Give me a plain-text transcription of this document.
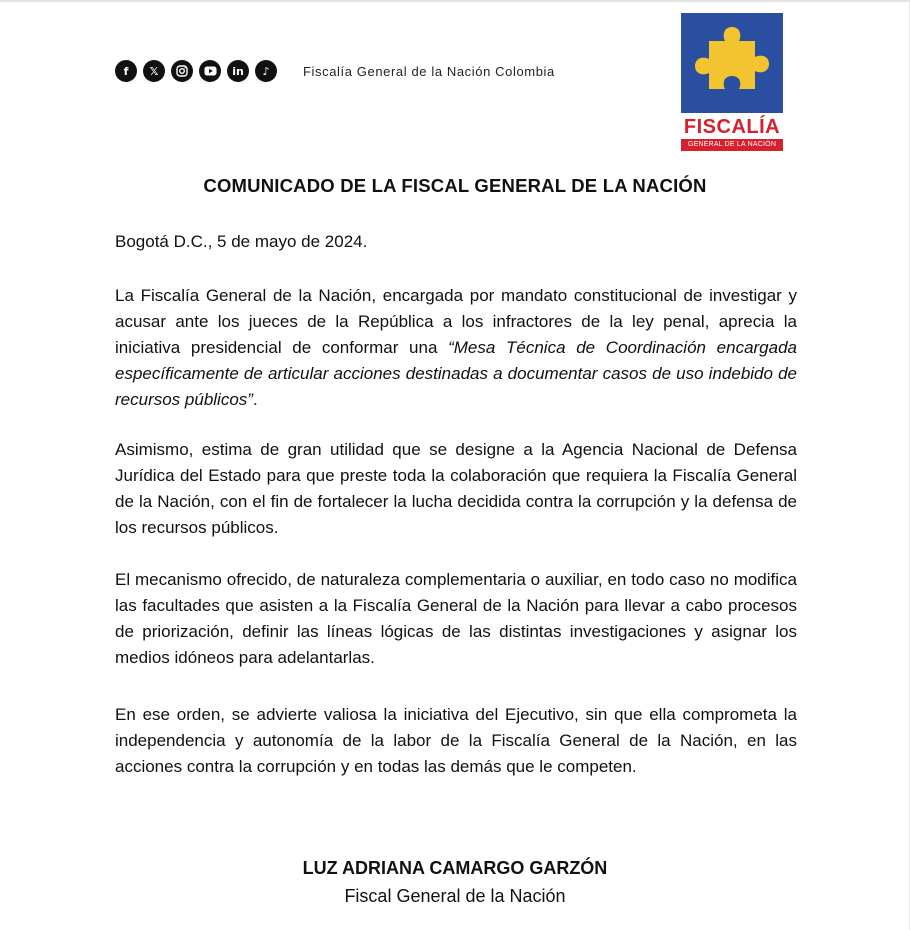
f	𝕏	in	♪	Fiscalía General de la Nación Colombia
FISCALÍA
GENERAL DE LA NACIÓN
COMUNICADO DE LA FISCAL GENERAL DE LA NACIÓN
Bogotá D.C., 5 de mayo de 2024.
La Fiscalía General de la Nación, encargada por mandato constitucional de investigar y acusar ante los jueces de la República a los infractores de la ley penal, aprecia la iniciativa presidencial de conformar una “Mesa Técnica de Coordinación encargada específicamente de articular acciones destinadas a documentar casos de uso indebido de recursos públicos”.
Asimismo, estima de gran utilidad que se designe a la Agencia Nacional de Defensa Jurídica del Estado para que preste toda la colaboración que requiera la Fiscalía General de la Nación, con el fin de fortalecer la lucha decidida contra la corrupción y la defensa de los recursos públicos.
El mecanismo ofrecido, de naturaleza complementaria o auxiliar, en todo caso no modifica las facultades que asisten a la Fiscalía General de la Nación para llevar a cabo procesos de priorización, definir las líneas lógicas de las distintas investigaciones y asignar los medios idóneos para adelantarlas.
En ese orden, se advierte valiosa la iniciativa del Ejecutivo, sin que ella comprometa la independencia y autonomía de la labor de la Fiscalía General de la Nación, en las acciones contra la corrupción y en todas las demás que le competen.
LUZ ADRIANA CAMARGO GARZÓN
Fiscal General de la Nación
